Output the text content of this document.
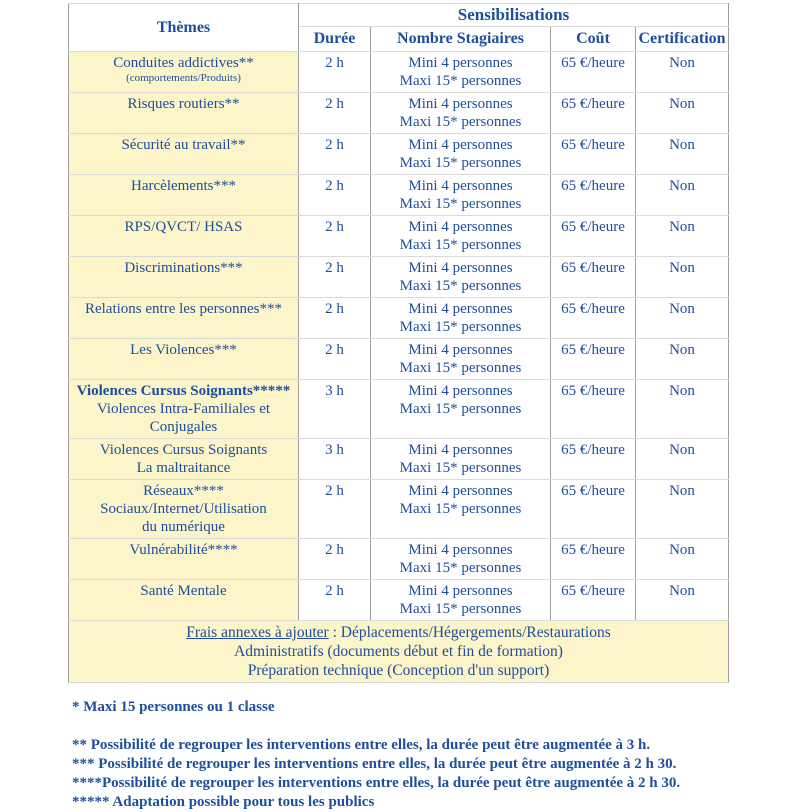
Thèmes	Sensibilisations			
	Durée	Nombre Stagiaires	Coût	Certification

Conduites addictives**
(comportements/Produits)
	2 h	Mini 4 personnes
Maxi 15* personnes
	65 €/heure	Non

Risques routiers**	2 h	Mini 4 personnes
Maxi 15* personnes	65 €/heure	Non

Sécurité au travail**	2 h	Mini 4 personnes
Maxi 15* personnes	65 €/heure	Non

Harcèlements***	2 h	Mini 4 personnes
Maxi 15* personnes	65 €/heure	Non

RPS/QVCT/ HSAS	2 h	Mini 4 personnes
Maxi 15* personnes	65 €/heure	Non

Discriminations***	2 h	Mini 4 personnes
Maxi 15* personnes	65 €/heure	Non

Relations entre les personnes***	2 h	Mini 4 personnes
Maxi 15* personnes	65 €/heure	Non

Les Violences***	2 h	Mini 4 personnes
Maxi 15* personnes	65 €/heure	Non

Violences Cursus Soignants*****
Violences Intra-Familiales et
Conjugales
	3 h	Mini 4 personnes
Maxi 15* personnes
	65 €/heure	Non

Violences Cursus Soignants
La maltraitance
	3 h	Mini 4 personnes
Maxi 15* personnes
	65 €/heure	Non

Réseaux****
Sociaux/Internet/Utilisation
du numérique
	2 h	Mini 4 personnes
Maxi 15* personnes
	65 €/heure	Non

Vulnérabilité****	2 h	Mini 4 personnes
Maxi 15* personnes	65 €/heure	Non

Santé Mentale	2 h	Mini 4 personnes
Maxi 15* personnes	65 €/heure	Non

Frais annexes à ajouter : Déplacements/Hégergements/Restaurations
Administratifs (documents début et fin de formation)
Préparation technique (Conception d'un support)				
* Maxi 15 personnes ou 1 classe
** Possibilité de regrouper les interventions entre elles, la durée peut être augmentée à 3 h.
*** Possibilité de regrouper les interventions entre elles, la durée peut être augmentée à 2 h 30.
****Possibilité de regrouper les interventions entre elles, la durée peut être augmentée à 2 h 30.
***** Adaptation possible pour tous les publics
